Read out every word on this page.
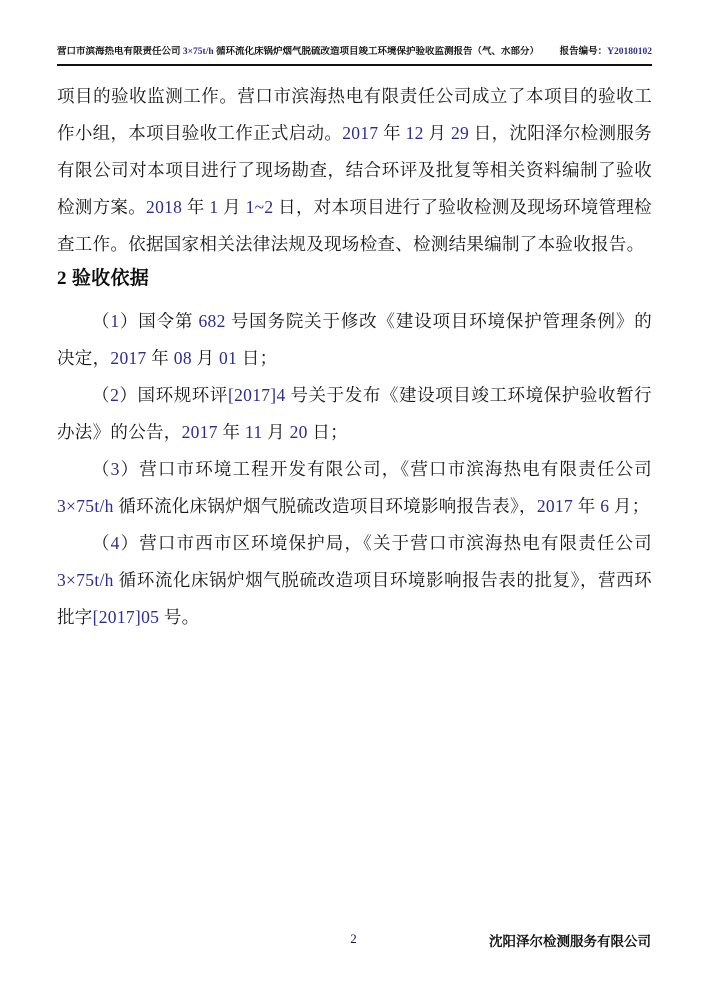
营口市滨海热电有限责任公司 3×75t/h 循环流化床锅炉烟气脱硫改造项目竣工环境保护验收监测报告（气、水部分） 报告编号：Y20180102

项目的验收监测工作。营口市滨海热电有限责任公司成立了本项目的验收工作小组，本项目验收工作正式启动。2017 年 12 月 29 日，沈阳泽尔检测服务有限公司对本项目进行了现场勘查，结合环评及批复等相关资料编制了验收检测方案。2018 年 1 月 1~2 日，对本项目进行了验收检测及现场环境管理检查工作。依据国家相关法律法规及现场检查、检测结果编制了本验收报告。

2 验收依据

（1）国令第 682 号国务院关于修改《建设项目环境保护管理条例》的决定，2017 年 08 月 01 日；

（2）国环规环评[2017]4 号关于发布《建设项目竣工环境保护验收暂行办法》的公告，2017 年 11 月 20 日；

（3）营口市环境工程开发有限公司，《营口市滨海热电有限责任公司 3×75t/h 循环流化床锅炉烟气脱硫改造项目环境影响报告表》，2017 年 6 月；

（4）营口市西市区环境保护局，《关于营口市滨海热电有限责任公司 3×75t/h 循环流化床锅炉烟气脱硫改造项目环境影响报告表的批复》，营西环批字[2017]05 号。

2	沈阳泽尔检测服务有限公司
